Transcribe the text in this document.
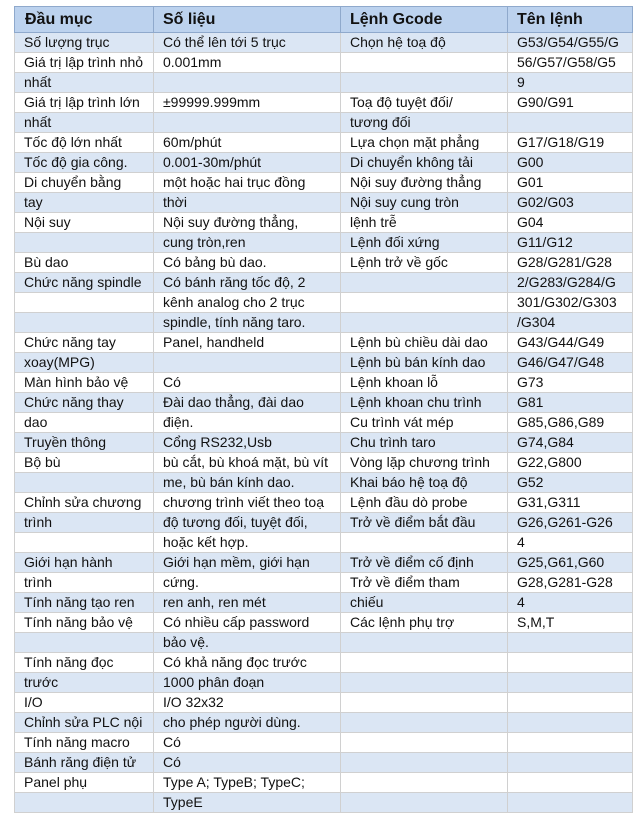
Đầu mục	Số liệu	Lệnh Gcode	Tên lệnh
Số lượng trục	Có thể lên tới 5 trục	Chọn hệ toạ độ	G53/G54/G55/G
Giá trị lập trình nhỏ	0.001mm		56/G57/G58/G5
nhất			9
Giá trị lập trình lớn	±99999.999mm	Toạ độ tuyệt đối/	G90/G91
nhất		tương đối	
Tốc độ lớn nhất	60m/phút	Lựa chọn mặt phẳng	G17/G18/G19
Tốc độ gia công.	0.001-30m/phút	Di chuyển không tải	G00
Di chuyển bằng	một hoặc hai trục đồng	Nội suy đường thẳng	G01
tay	thời	Nội suy cung tròn	G02/G03
Nội suy	Nội suy đường thẳng,	lệnh trễ	G04
	cung tròn,ren	Lệnh đối xứng	G11/G12
Bù dao	Có bảng bù dao.	Lệnh trở về gốc	G28/G281/G28
Chức năng spindle	Có bánh răng tốc độ, 2		2/G283/G284/G
	kênh analog cho 2 trục		301/G302/G303
	spindle, tính năng taro.		/G304
Chức năng tay	Panel, handheld	Lệnh bù chiều dài dao	G43/G44/G49
xoay(MPG)		Lệnh bù bán kính dao	G46/G47/G48
Màn hình bảo vệ	Có	Lệnh khoan lỗ	G73
Chức năng thay	Đài dao thẳng, đài dao	Lệnh khoan chu trình	G81
dao	điện.	Cu trình vát mép	G85,G86,G89
Truyền thông	Cổng RS232,Usb	Chu trình taro	G74,G84
Bộ bù	bù cắt, bù khoá mặt, bù vít	Vòng lặp chương trình	G22,G800
	me, bù bán kính dao.	Khai báo hệ toạ độ	G52
Chỉnh sửa chương	chương trình viết theo toạ	Lệnh đầu dò probe	G31,G311
trình	độ tương đối, tuyệt đối,	Trở về điểm bắt đầu	G26,G261-G26
	hoặc kết hợp.		4
Giới hạn hành	Giới hạn mềm, giới hạn	Trở về điểm cố định	G25,G61,G60
trình	cứng.	Trở về điểm tham	G28,G281-G28
Tính năng tạo ren	ren anh, ren mét	chiếu	4
Tính năng bảo vệ	Có nhiều cấp password	Các lệnh phụ trợ	S,M,T
	bảo vệ.		
Tính năng đọc	Có khả năng đọc trước		
trước	1000 phân đoạn		
I/O	I/O 32x32		
Chỉnh sửa PLC nội	cho phép người dùng.		
Tính năng macro	Có		
Bánh răng điện tử	Có		
Panel phụ	Type A; TypeB; TypeC;		
	TypeE		
